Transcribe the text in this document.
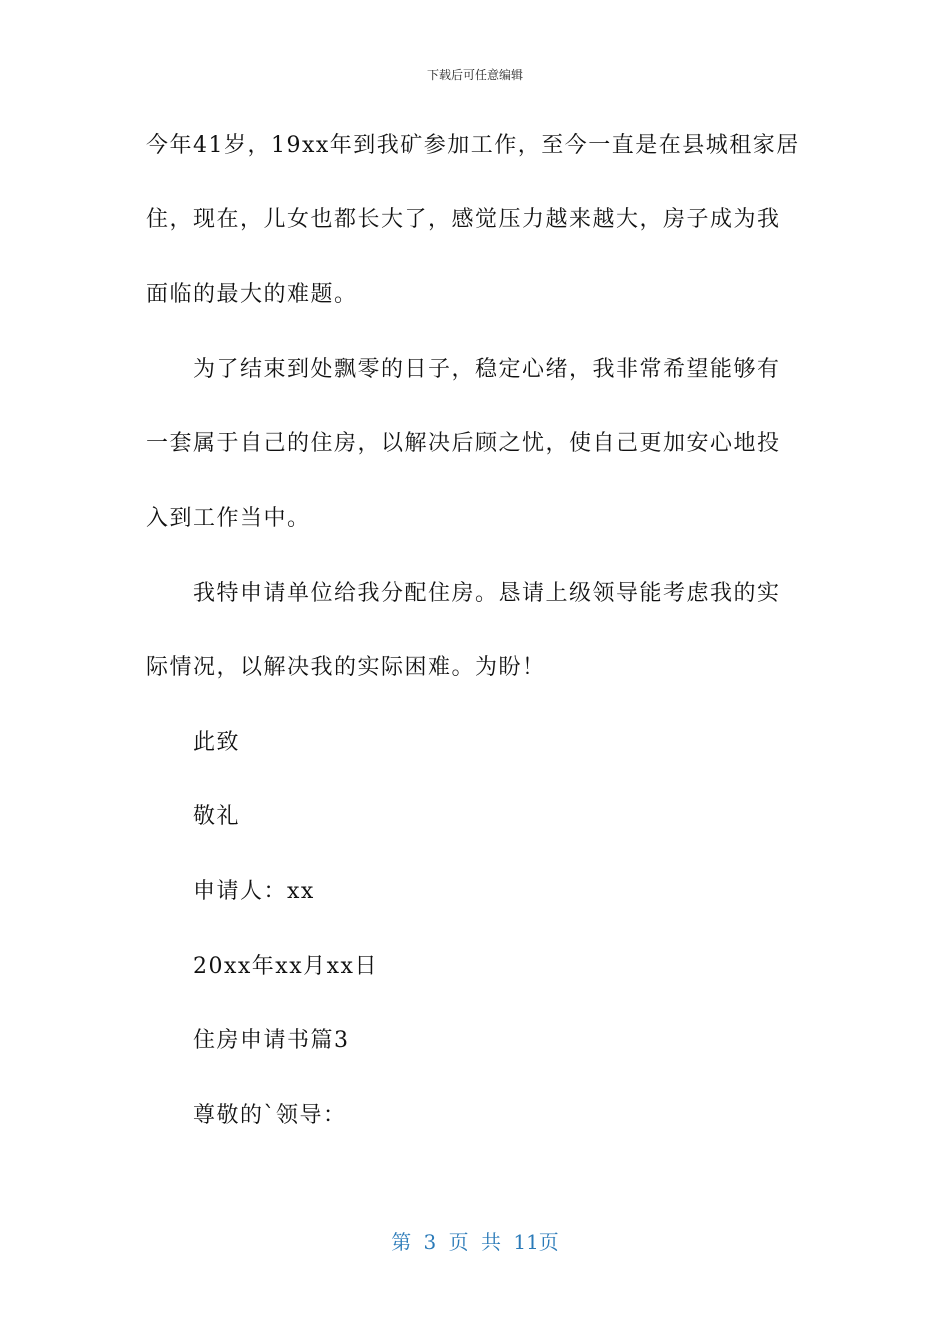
下载后可任意编辑
今年41岁，19xx年到我矿参加工作，至今一直是在县城租家居
住，现在，儿女也都长大了，感觉压力越来越大，房子成为我
面临的最大的难题。
为了结束到处飘零的日子，稳定心绪，我非常希望能够有
一套属于自己的住房，以解决后顾之忧，使自己更加安心地投
入到工作当中。
我特申请单位给我分配住房。恳请上级领导能考虑我的实
际情况，以解决我的实际困难。为盼！
此致
敬礼
申请人：xx
20xx年xx月xx日
住房申请书篇3
尊敬的`领导：
第 3 页 共 11页
